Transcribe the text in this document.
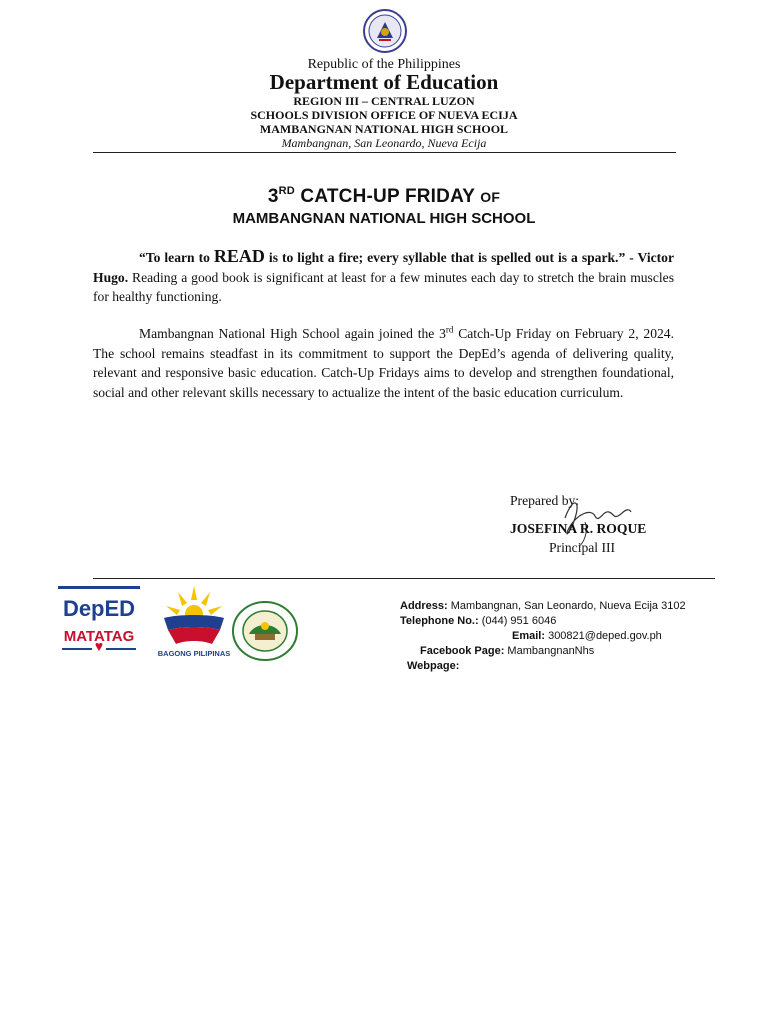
Republic of the Philippines
Department of Education
REGION III – CENTRAL LUZON
SCHOOLS DIVISION OFFICE OF NUEVA ECIJA
MAMBANGNAN NATIONAL HIGH SCHOOL
Mambangnan, San Leonardo, Nueva Ecija
3RD CATCH-UP FRIDAY OF
MAMBANGNAN NATIONAL HIGH SCHOOL

“To learn to READ is to light a fire; every syllable that is spelled out is a spark.” - Victor Hugo. Reading a good book is significant at least for a few minutes each day to stretch the brain muscles for healthy functioning.

Mambangnan National High School again joined the 3rd Catch-Up Friday on February 2, 2024. The school remains steadfast in its commitment to support the DepEd’s agenda of delivering quality, relevant and responsive basic education. Catch-Up Fridays aims to develop and strengthen foundational, social and other relevant skills necessary to actualize the intent of the basic education curriculum.

Prepared by:
JOSEFINA R. ROQUE
Principal III
DepED
MATATAG
BAGONG PILIPINAS
Address: Mambangnan, San Leonardo, Nueva Ecija 3102
Telephone No.: (044) 951 6046
Email: 300821@deped.gov.ph
Facebook Page: MambangnanNhs
Webpage:
